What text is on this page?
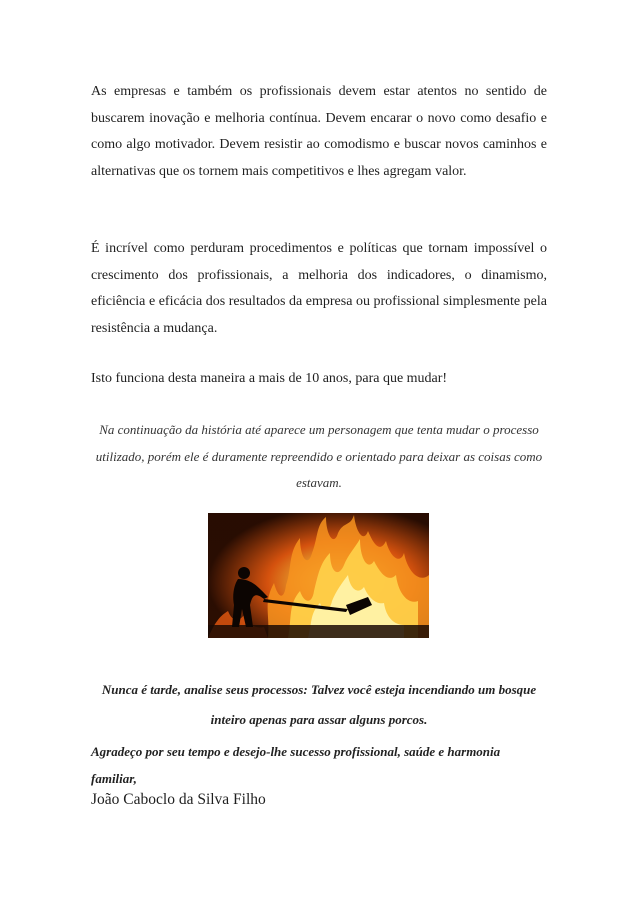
As empresas e também os profissionais devem estar atentos no sentido de buscarem inovação e melhoria contínua. Devem encarar o novo como desafio e como algo motivador. Devem resistir ao comodismo e buscar novos caminhos e alternativas que os tornem mais competitivos e lhes agregam valor.

É incrível como perduram procedimentos e políticas que tornam impossível o crescimento dos profissionais, a melhoria dos indicadores, o dinamismo, eficiência e eficácia dos resultados da empresa ou profissional simplesmente pela resistência a mudança.

Isto funciona desta maneira a mais de 10 anos, para que mudar!

Na continuação da história até aparece um personagem que tenta mudar o processo utilizado, porém ele é duramente repreendido e orientado para deixar as coisas como estavam.

Nunca é tarde, analise seus processos: Talvez você esteja incendiando um bosque inteiro apenas para assar alguns porcos.

Agradeço por seu tempo e desejo-lhe sucesso profissional, saúde e harmonia familiar,

João Caboclo da Silva Filho
